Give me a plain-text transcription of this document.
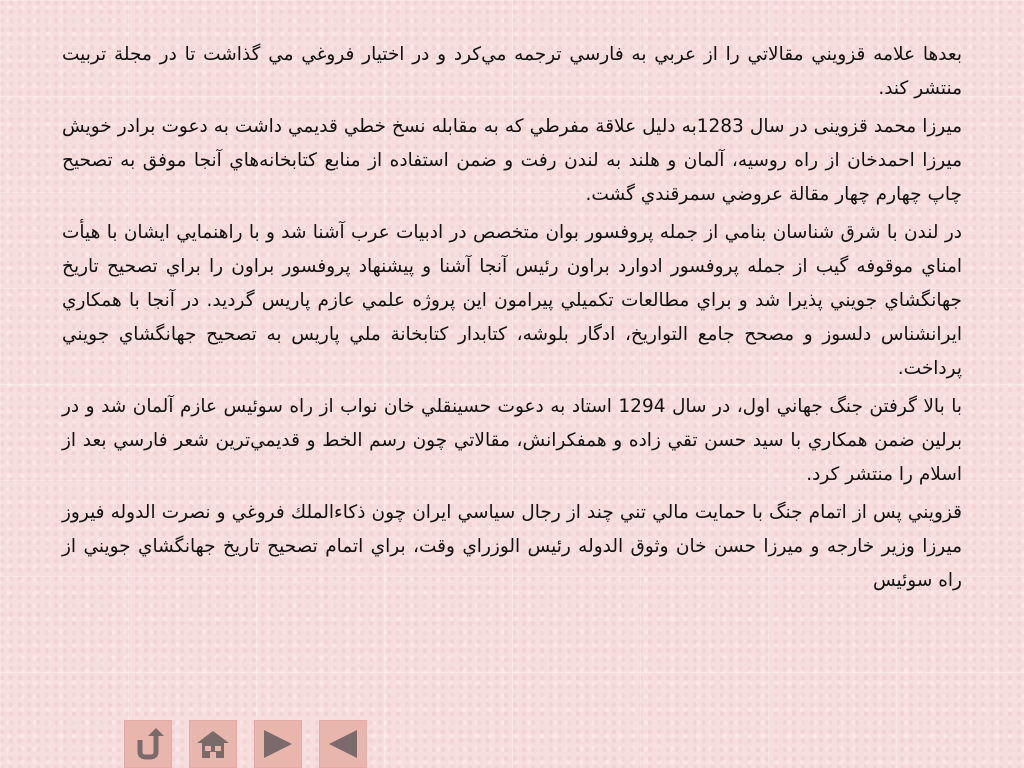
بعدها علامه قزويني مقالاتي را از عربي به فارسي ترجمه مي‌كرد و در اختيار فروغي مي گذاشت تا در مجلة تربيت منتشر كند.

ميرزا محمد قزوینی در سال 1283به دلیل علاقة مفرطي كه به مقابله نسخ خطي قديمي داشت به دعوت برادر خويش ميرزا احمدخان از راه روسيه، آلمان و هلند به لندن رفت و ضمن استفاده از منابع كتابخانه‌هاي آنجا موفق به تصحيح چاپ چهارم چهار مقالة عروضي سمرقندي گشت.

در لندن با شرق شناسان بنامي از جمله پروفسور بوان متخصص در ادبيات عرب آشنا شد و با راهنمايي ايشان با هيأت امناي موقوفه گيب از جمله پروفسور ادوارد براون رئيس آنجا آشنا و پيشنهاد پروفسور براون را براي تصحيح تاريخ جهانگشاي جويني پذيرا شد و براي مطالعات تكميلي پيرامون اين پروژه علمي عازم پاريس گرديد. در آنجا با همكاري ايرانشناس دلسوز و مصحح جامع التواريخ، ادگار بلوشه، كتابدار كتابخانة ملي پاريس به تصحيح جهانگشاي جويني پرداخت.

با بالا گرفتن جنگ جهاني اول، در سال 1294 استاد به دعوت حسينقلي خان نواب از راه سوئيس عازم آلمان شد و در برلين ضمن همكاري با سيد حسن تقي زاده و همفكرانش، مقالاتي چون رسم الخط و قديمي‌ترين شعر فارسي بعد از اسلام را منتشر كرد.

قزويني پس از اتمام جنگ با حمايت مالي تني چند از رجال سياسي ايران چون ذكاءالملك فروغي و نصرت الدوله فيروز ميرزا وزير خارجه و ميرزا حسن خان وثوق الدوله رئيس الوزراي وقت، براي اتمام تصحيح تاريخ جهانگشاي جويني از راه سوئيس
